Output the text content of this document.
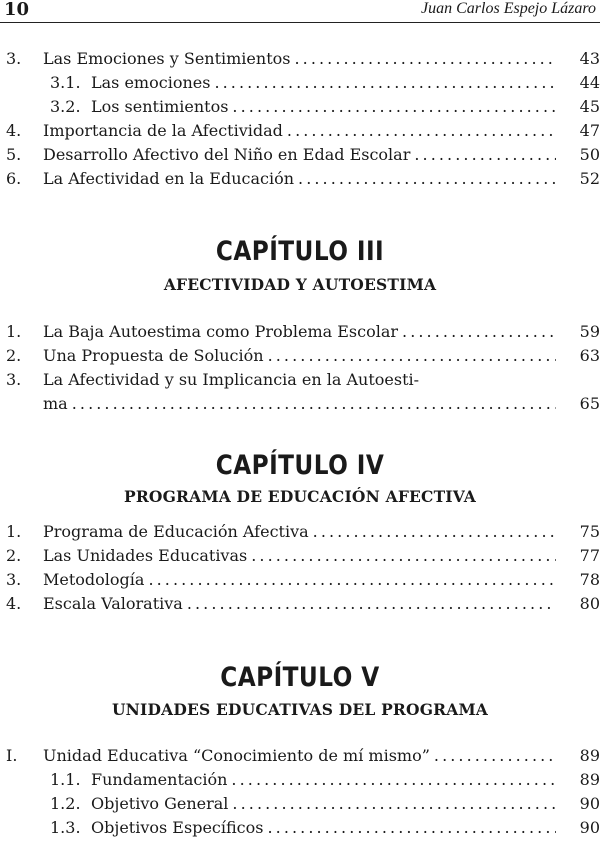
10	Juan Carlos Espejo Lázaro
3. Las Emociones y Sentimientos . . .	43
3.1. Las emociones . . .	44
3.2. Los sentimientos . . .	45
4. Importancia de la Afectividad . . .	47
5. Desarrollo Afectivo del Niño en Edad Escolar . . .	50
6. La Afectividad en la Educación . . .	52
CAPÍTULO III
AFECTIVIDAD Y AUTOESTIMA
1. La Baja Autoestima como Problema Escolar . . .	59
2. Una Propuesta de Solución . . .	63
3. La Afectividad y su Implicancia en la Autoesti-
ma . . .	65
CAPÍTULO IV
PROGRAMA DE EDUCACIÓN AFECTIVA
1. Programa de Educación Afectiva . . .	75
2. Las Unidades Educativas . . .	77
3. Metodología . . .	78
4. Escala Valorativa . . .	80
CAPÍTULO V
UNIDADES EDUCATIVAS DEL PROGRAMA
I. Unidad Educativa “Conocimiento de mí mismo” . . .	89
1.1. Fundamentación . . .	89
1.2. Objetivo General . . .	90
1.3. Objetivos Específicos . . .	90
